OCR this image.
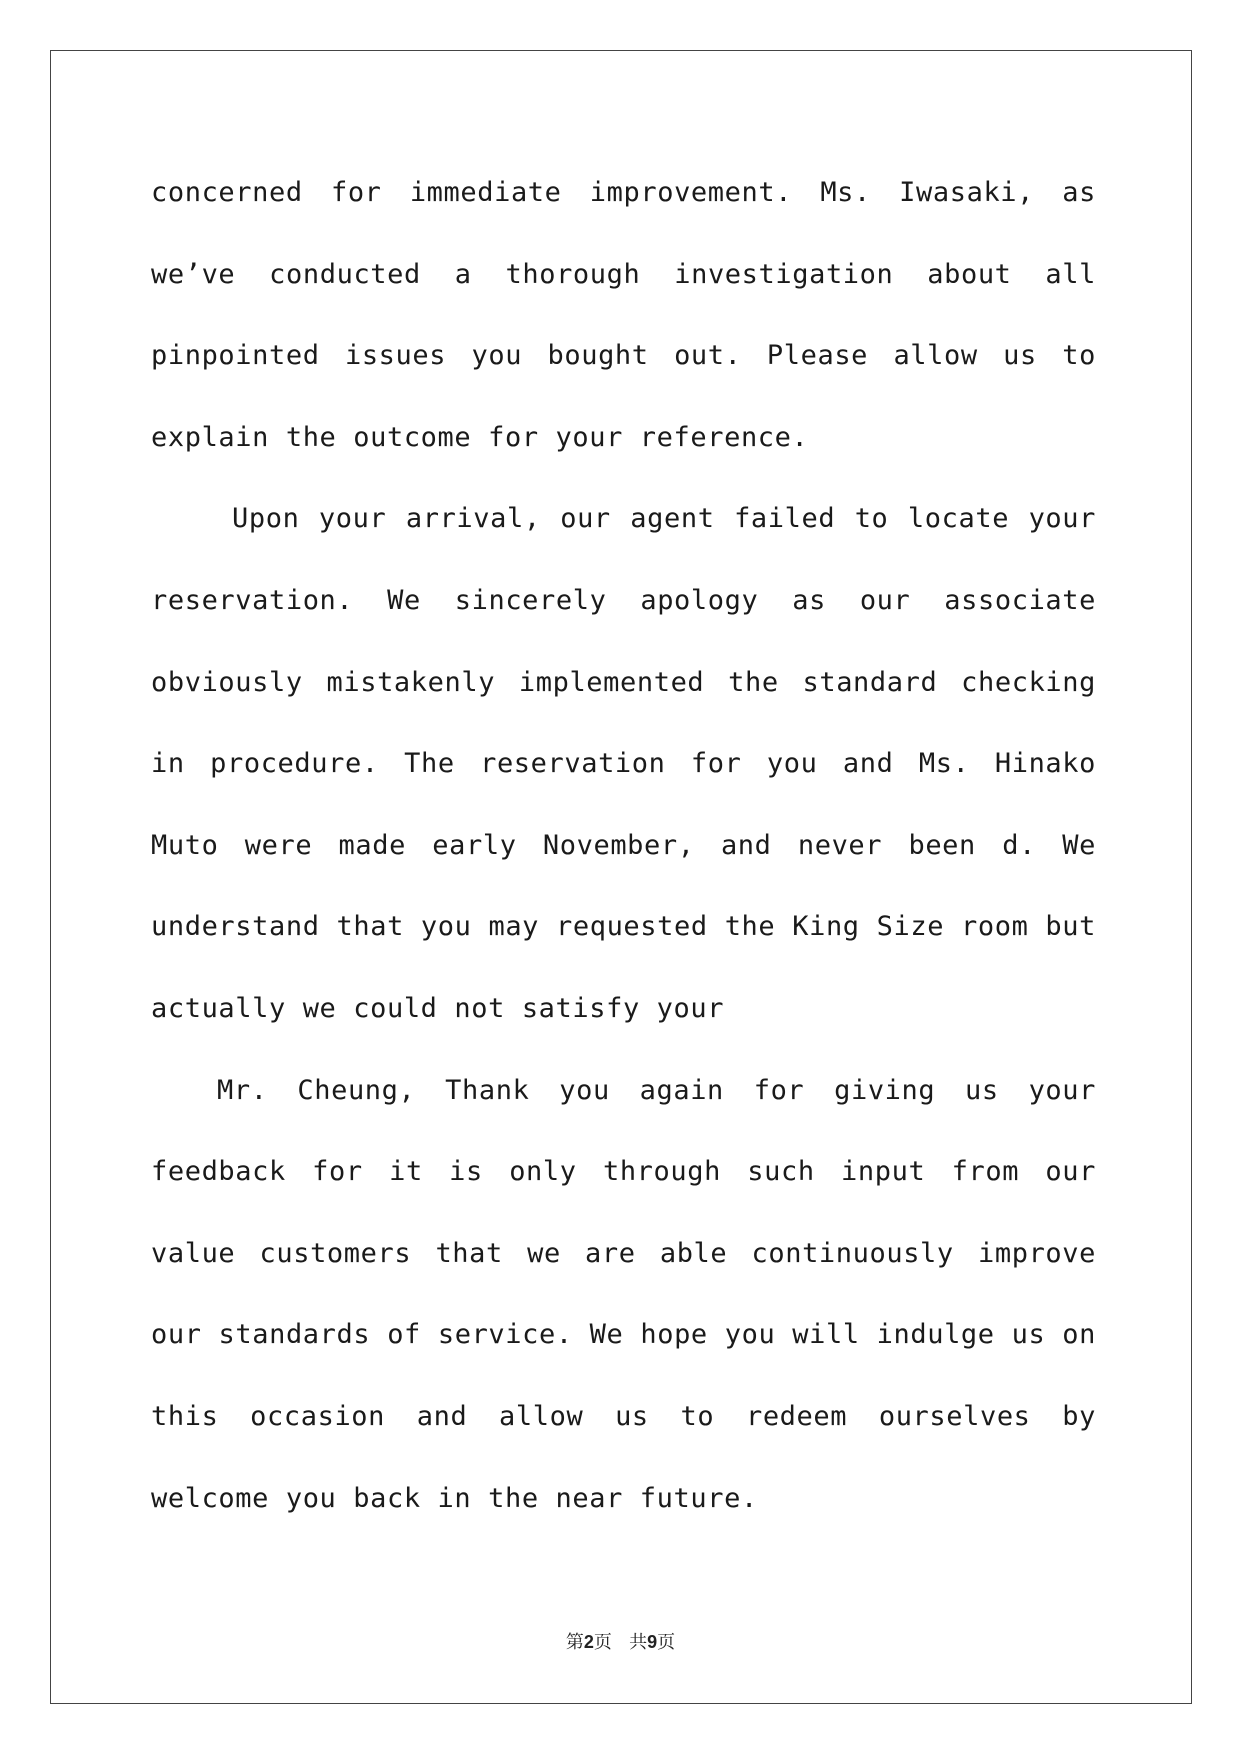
concerned for immediate improvement. Ms. Iwasaki, as we’ve conducted a thorough investigation about all pinpointed issues you bought out. Please allow us to explain the outcome for your reference.

Upon your arrival, our agent failed to locate your reservation. We sincerely apology as our associate obviously mistakenly implemented the standard checking in procedure. The reservation for you and Ms. Hinako Muto were made early November, and never been d. We understand that you may requested the King Size room but actually we could not satisfy your

Mr. Cheung, Thank you again for giving us your feedback for it is only through such input from our value customers that we are able continuously improve our standards of service. We hope you will indulge us on this occasion and allow us to redeem ourselves by welcome you back in the near future.

第2页   共9页
